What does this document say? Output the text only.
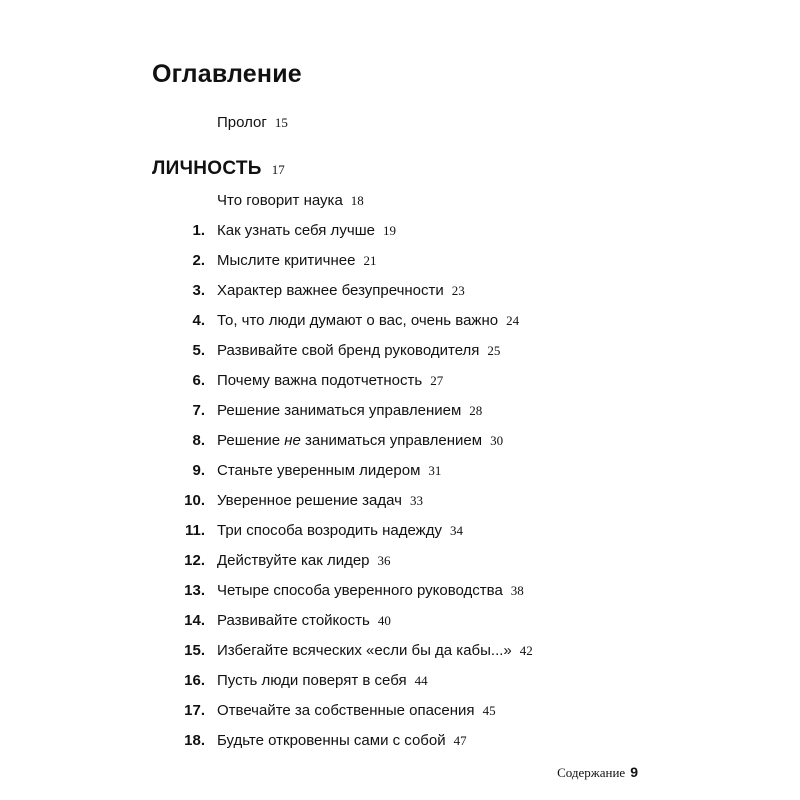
Оглавление
Пролог 15
ЛИЧНОСТЬ 17
Что говорит наука 18
1. Как узнать себя лучше 19
2. Мыслите критичнее 21
3. Характер важнее безупречности 23
4. То, что люди думают о вас, очень важно 24
5. Развивайте свой бренд руководителя 25
6. Почему важна подотчетность 27
7. Решение заниматься управлением 28
8. Решение не заниматься управлением 30
9. Станьте уверенным лидером 31
10. Уверенное решение задач 33
11. Три способа возродить надежду 34
12. Действуйте как лидер 36
13. Четыре способа уверенного руководства 38
14. Развивайте стойкость 40
15. Избегайте всяческих «если бы да кабы...» 42
16. Пусть люди поверят в себя 44
17. Отвечайте за собственные опасения 45
18. Будьте откровенны сами с собой 47
Содержание 9
